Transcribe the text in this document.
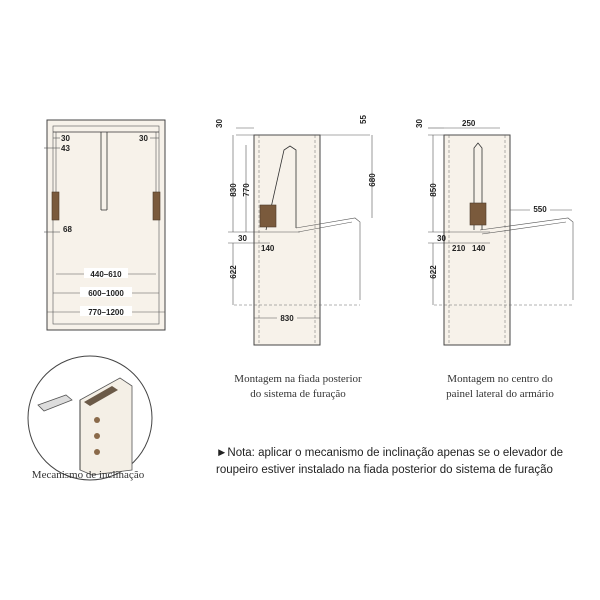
30	30
43
68
440–610
600–1000
770–1200
30	55
830 770
680
30
140
622
830
30	250
850
550
30
210 140
622
Montagem na fiada posterior
do sistema de furação
Montagem no centro do
painel lateral do armário
Mecanismo de inclinação
►Nota: aplicar o mecanismo de inclinação apenas se o elevador de roupeiro estiver instalado na fiada posterior do sistema de furação
